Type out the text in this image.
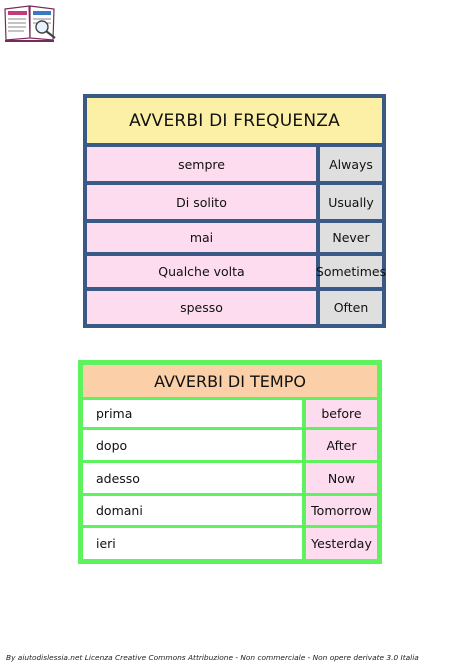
AVVERBI DI FREQUENZA
sempre	Always
Di solito	Usually
mai	Never
Qualche volta	Sometimes
spesso	Often
AVVERBI DI TEMPO
prima	before
dopo	After
adesso	Now
domani	Tomorrow
ieri	Yesterday
By aiutodislessia.net Licenza Creative Commons Attribuzione - Non commerciale - Non opere derivate 3.0 Italia
